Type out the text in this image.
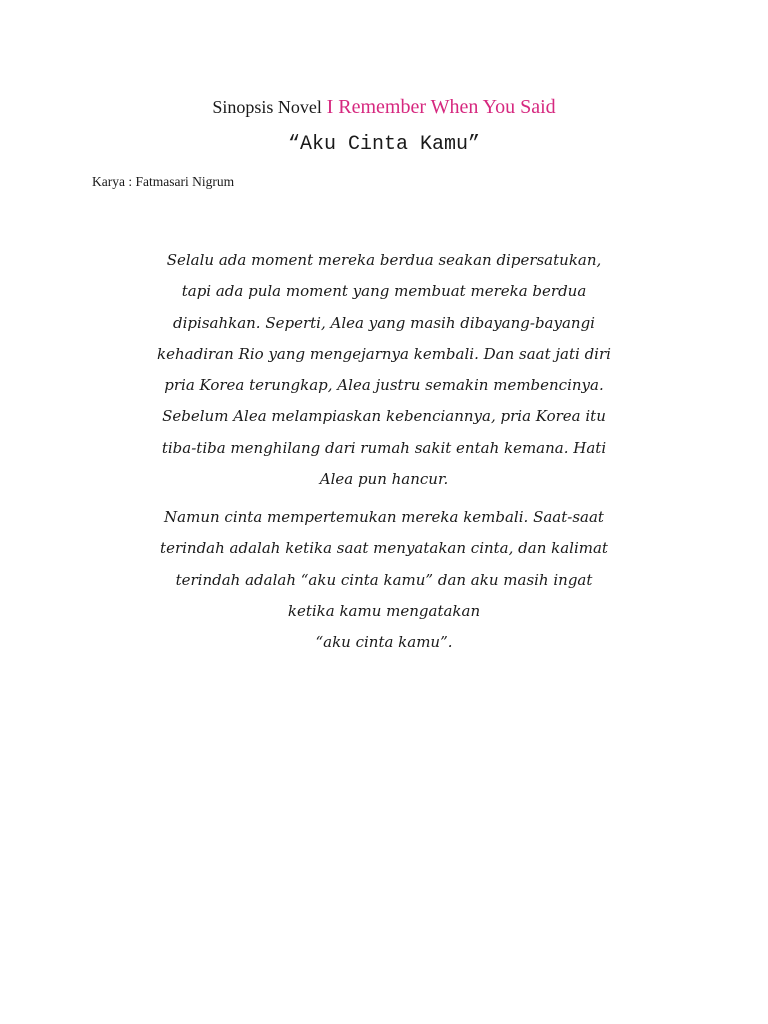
Sinopsis Novel I Remember When You Said
“Aku Cinta Kamu”
Karya : Fatmasari Nigrum

Selalu ada moment mereka berdua seakan dipersatukan,
tapi ada pula moment yang membuat mereka berdua
dipisahkan. Seperti, Alea yang masih dibayang-bayangi
kehadiran Rio yang mengejarnya kembali. Dan saat jati diri
pria Korea terungkap, Alea justru semakin membencinya.
Sebelum Alea melampiaskan kebenciannya, pria Korea itu
tiba-tiba menghilang dari rumah sakit entah kemana. Hati
Alea pun hancur.

Namun cinta mempertemukan mereka kembali. Saat-saat
terindah adalah ketika saat menyatakan cinta, dan kalimat
terindah adalah “aku cinta kamu” dan aku masih ingat
ketika kamu mengatakan
“aku cinta kamu”.
